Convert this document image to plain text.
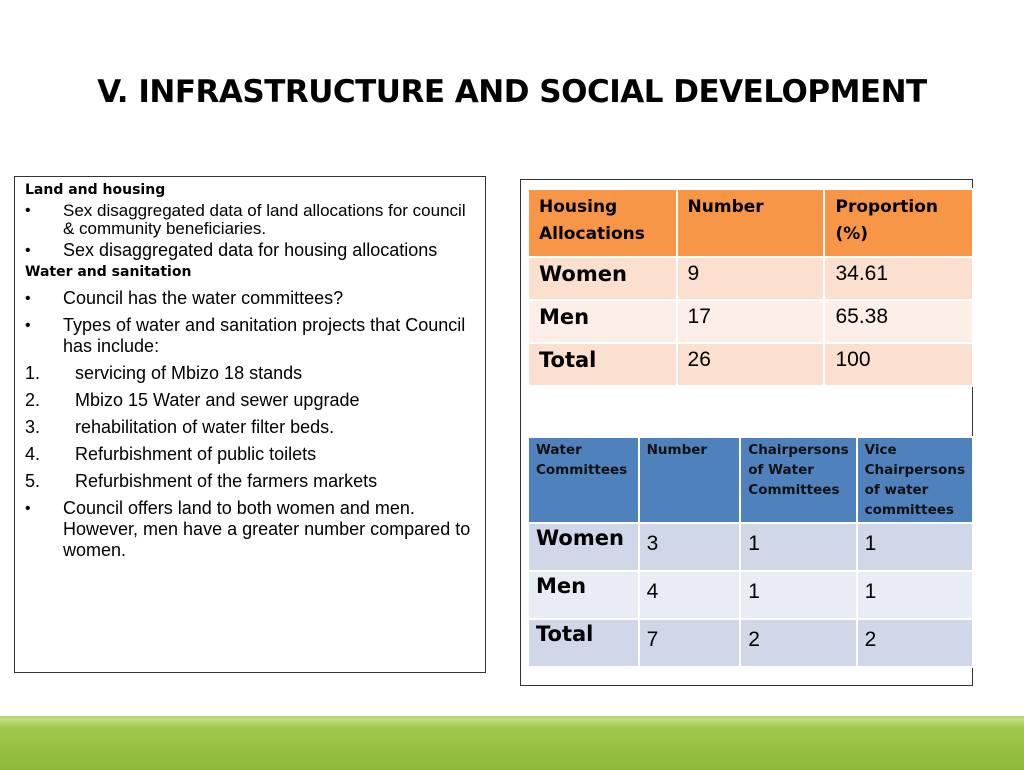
V. INFRASTRUCTURE AND SOCIAL DEVELOPMENT
Land and housing
•	Sex disaggregated data of land allocations for council & community beneficiaries.
•	Sex disaggregated data for housing allocations
Water and sanitation
•	Council has the water committees?
•	Types of water and sanitation projects that Council has include:
1.	servicing of Mbizo 18 stands
2.	Mbizo 15 Water and sewer upgrade
3.	rehabilitation of water filter beds.
4.	Refurbishment of public toilets
5.	Refurbishment of the farmers markets
•	Council offers land to both women and men. However, men have a greater number compared to women.
Housing Allocations	Number	Proportion (%)
Women	9	34.61
Men	17	65.38
Total	26	100
Water Committees	Number	Chairpersons of Water Committees	Vice Chairpersons of water committees
Women	3	1	1
Men	4	1	1
Total	7	2	2
